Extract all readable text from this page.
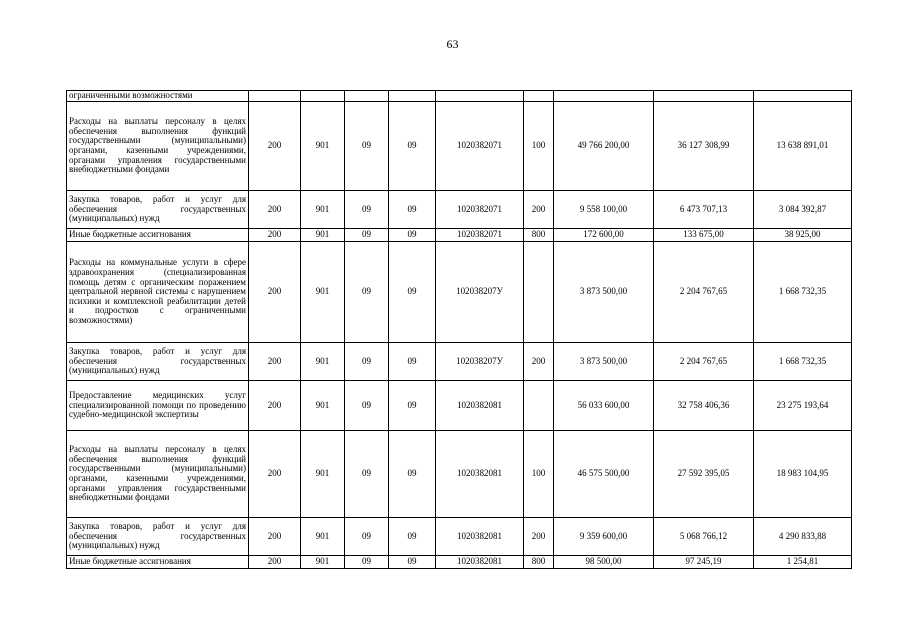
63
ограниченными возможностями									
Расходы на выплаты персоналу в целях обеспечения выполнения функций государственными (муниципальными) органами, казенными учреждениями, органами управления государственными внебюджетными фондами	200	901	09	09	1020382071	100	49 766 200,00	36 127 308,99	13 638 891,01
Закупка товаров, работ и услуг для обеспечения государственных (муниципальных) нужд	200	901	09	09	1020382071	200	9 558 100,00	6 473 707,13	3 084 392,87
Иные бюджетные ассигнования	200	901	09	09	1020382071	800	172 600,00	133 675,00	38 925,00
Расходы на коммунальные услуги в сфере здравоохранения (специализированная помощь детям с органическим поражением центральной нервной системы с нарушением психики и комплексной реабилитации детей и подростков с ограниченными возможностями)	200	901	09	09	102038207У		3 873 500,00	2 204 767,65	1 668 732,35
Закупка товаров, работ и услуг для обеспечения государственных (муниципальных) нужд	200	901	09	09	102038207У	200	3 873 500,00	2 204 767,65	1 668 732,35
Предоставление медицинских услуг специализированной помощи по проведению судебно-медицинской экспертизы	200	901	09	09	1020382081		56 033 600,00	32 758 406,36	23 275 193,64
Расходы на выплаты персоналу в целях обеспечения выполнения функций государственными (муниципальными) органами, казенными учреждениями, органами управления государственными внебюджетными фондами	200	901	09	09	1020382081	100	46 575 500,00	27 592 395,05	18 983 104,95
Закупка товаров, работ и услуг для обеспечения государственных (муниципальных) нужд	200	901	09	09	1020382081	200	9 359 600,00	5 068 766,12	4 290 833,88
Иные бюджетные ассигнования	200	901	09	09	1020382081	800	98 500,00	97 245,19	1 254,81
